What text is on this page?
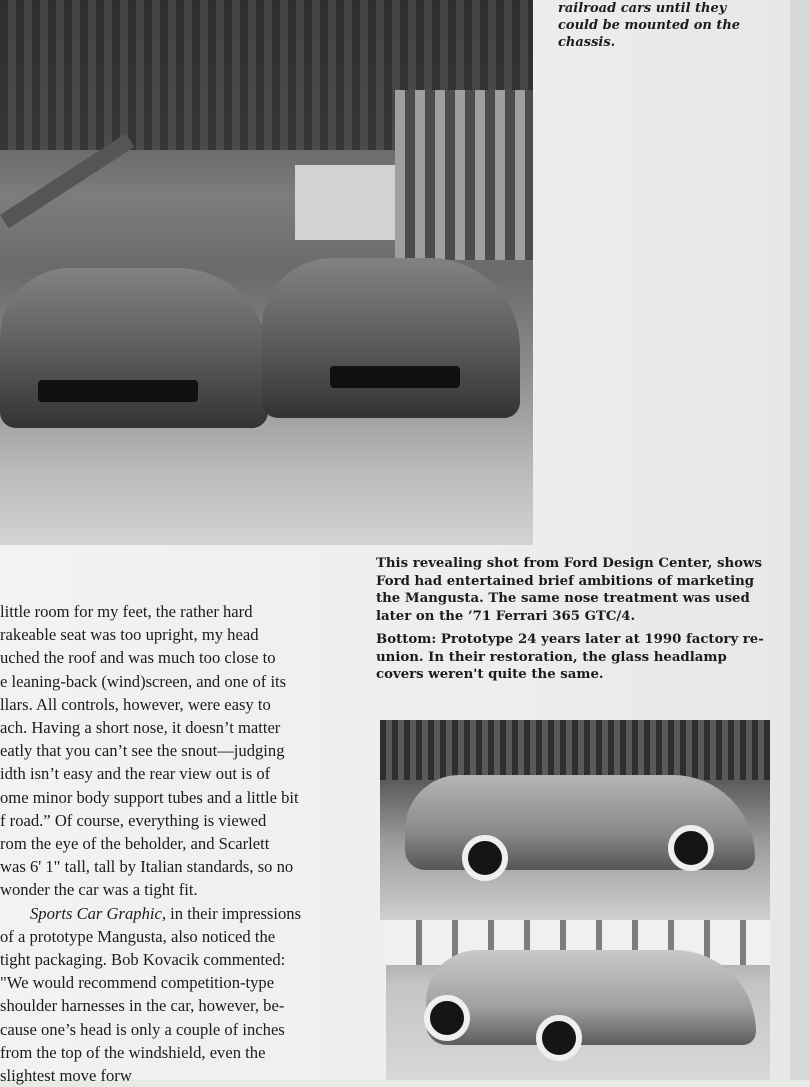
railroad cars until they
could be mounted on the
chassis.

This revealing shot from Ford Design Center, shows Ford had entertained brief ambitions of marketing the Mangusta. The same nose treatment was used later on the ’71 Ferrari 365 GTC/4.

Bottom: Prototype 24 years later at 1990 factory re-union. In their restoration, the glass headlamp covers weren't quite the same.

little room for my feet, the rather hard
rakeable seat was too upright, my head
uched the roof and was much too close to
e leaning-back (wind)screen, and one of its
llars. All controls, however, were easy to
ach. Having a short nose, it doesn’t matter
eatly that you can’t see the snout—judging
idth isn’t easy and the rear view out is of
ome minor body support tubes and a little bit
f road.” Of course, everything is viewed
rom the eye of the beholder, and Scarlett
was 6' 1" tall, tall by Italian standards, so no
wonder the car was a tight fit.
Sports Car Graphic, in their impressions
of a prototype Mangusta, also noticed the
tight packaging. Bob Kovacik commented:
"We would recommend competition-type
shoulder harnesses in the car, however, be-
cause one’s head is only a couple of inches
from the top of the windshield, even the
slightest move forw
